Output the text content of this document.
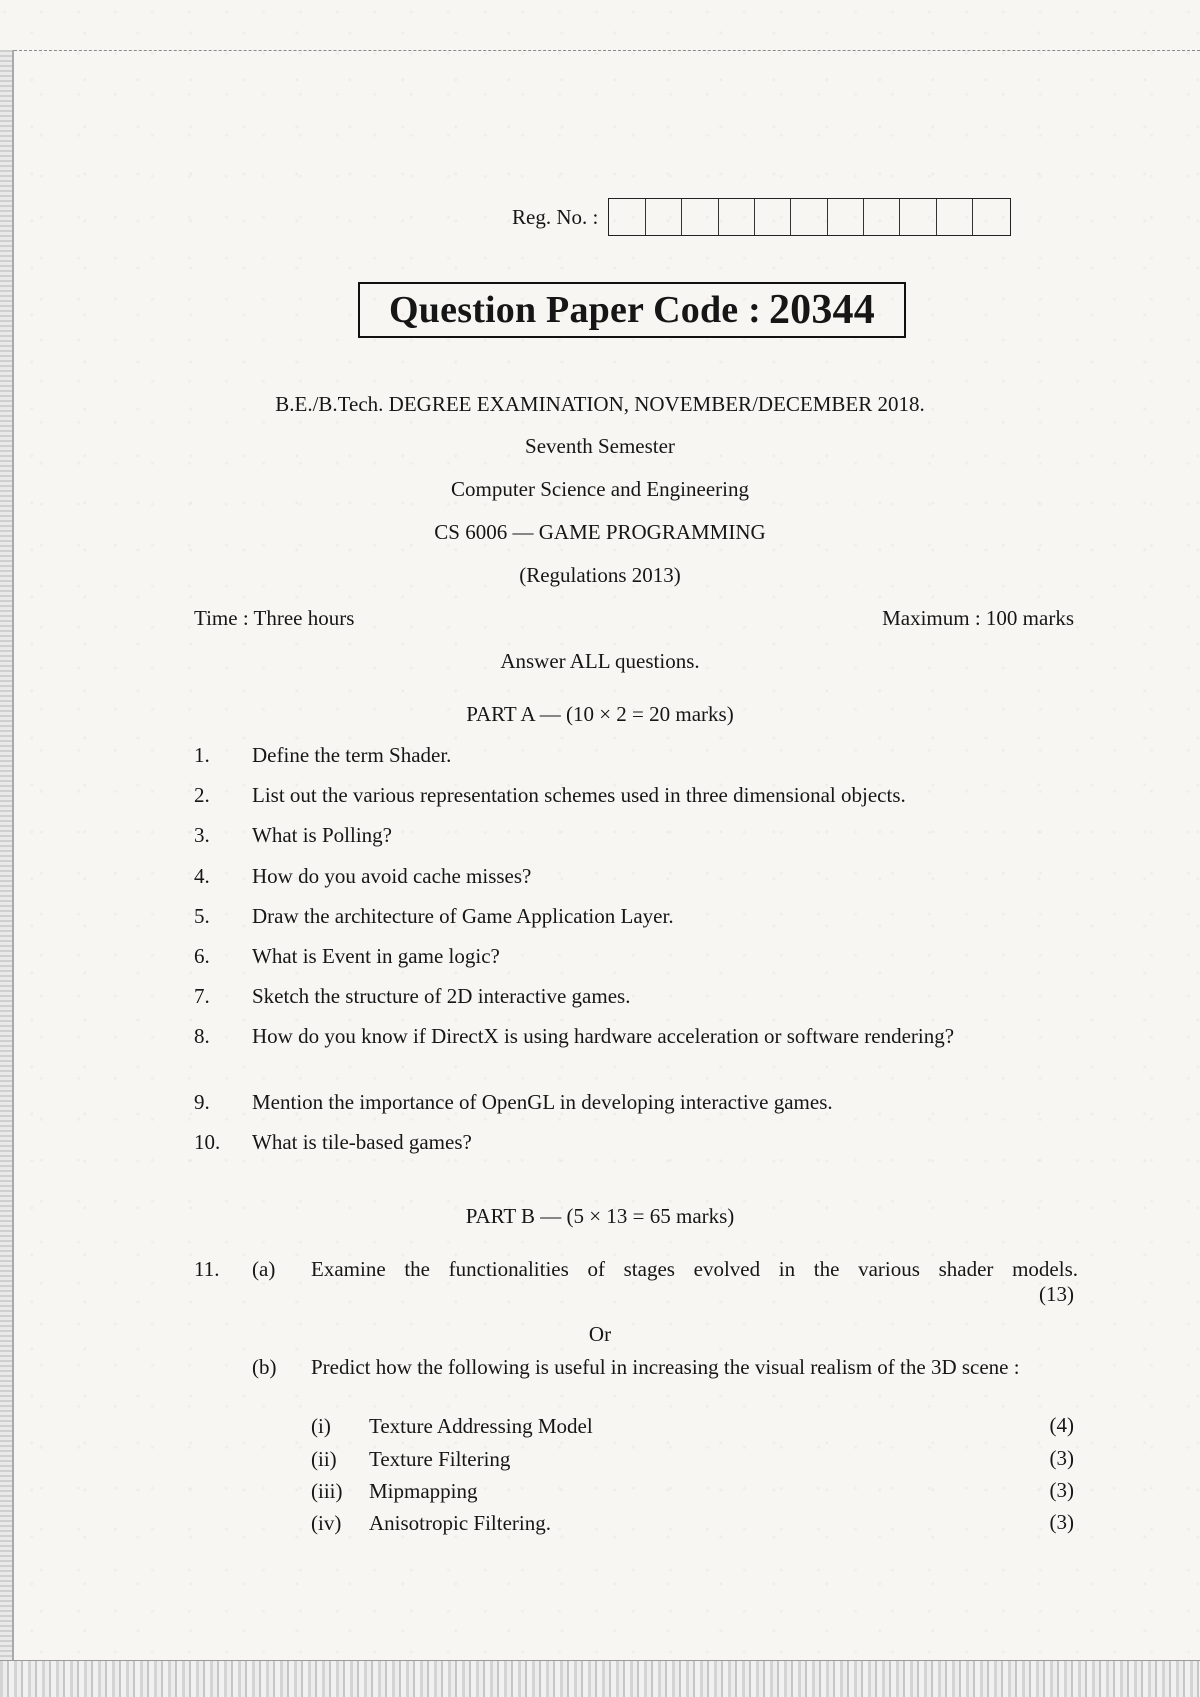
Reg. No. :
Question Paper Code : 20344
B.E./B.Tech. DEGREE EXAMINATION, NOVEMBER/DECEMBER 2018.
Seventh Semester
Computer Science and Engineering
CS 6006 — GAME PROGRAMMING
(Regulations 2013)
Time : Three hours	Maximum : 100 marks
Answer ALL questions.
PART A — (10 × 2 = 20 marks)
1.	Define the term Shader.
2.	List out the various representation schemes used in three dimensional objects.
3.	What is Polling?
4.	How do you avoid cache misses?
5.	Draw the architecture of Game Application Layer.
6.	What is Event in game logic?
7.	Sketch the structure of 2D interactive games.
8.	How do you know if DirectX is using hardware acceleration or software rendering?
9.	Mention the importance of OpenGL in developing interactive games.
10.	What is tile-based games?
PART B — (5 × 13 = 65 marks)
11. (a) Examine the functionalities of stages evolved in the various shader models.
(13)
Or
(b) Predict how the following is useful in increasing the visual realism of the 3D scene :
(i) Texture Addressing Model	(4)
(ii) Texture Filtering	(3)
(iii) Mipmapping	(3)
(iv) Anisotropic Filtering.	(3)
